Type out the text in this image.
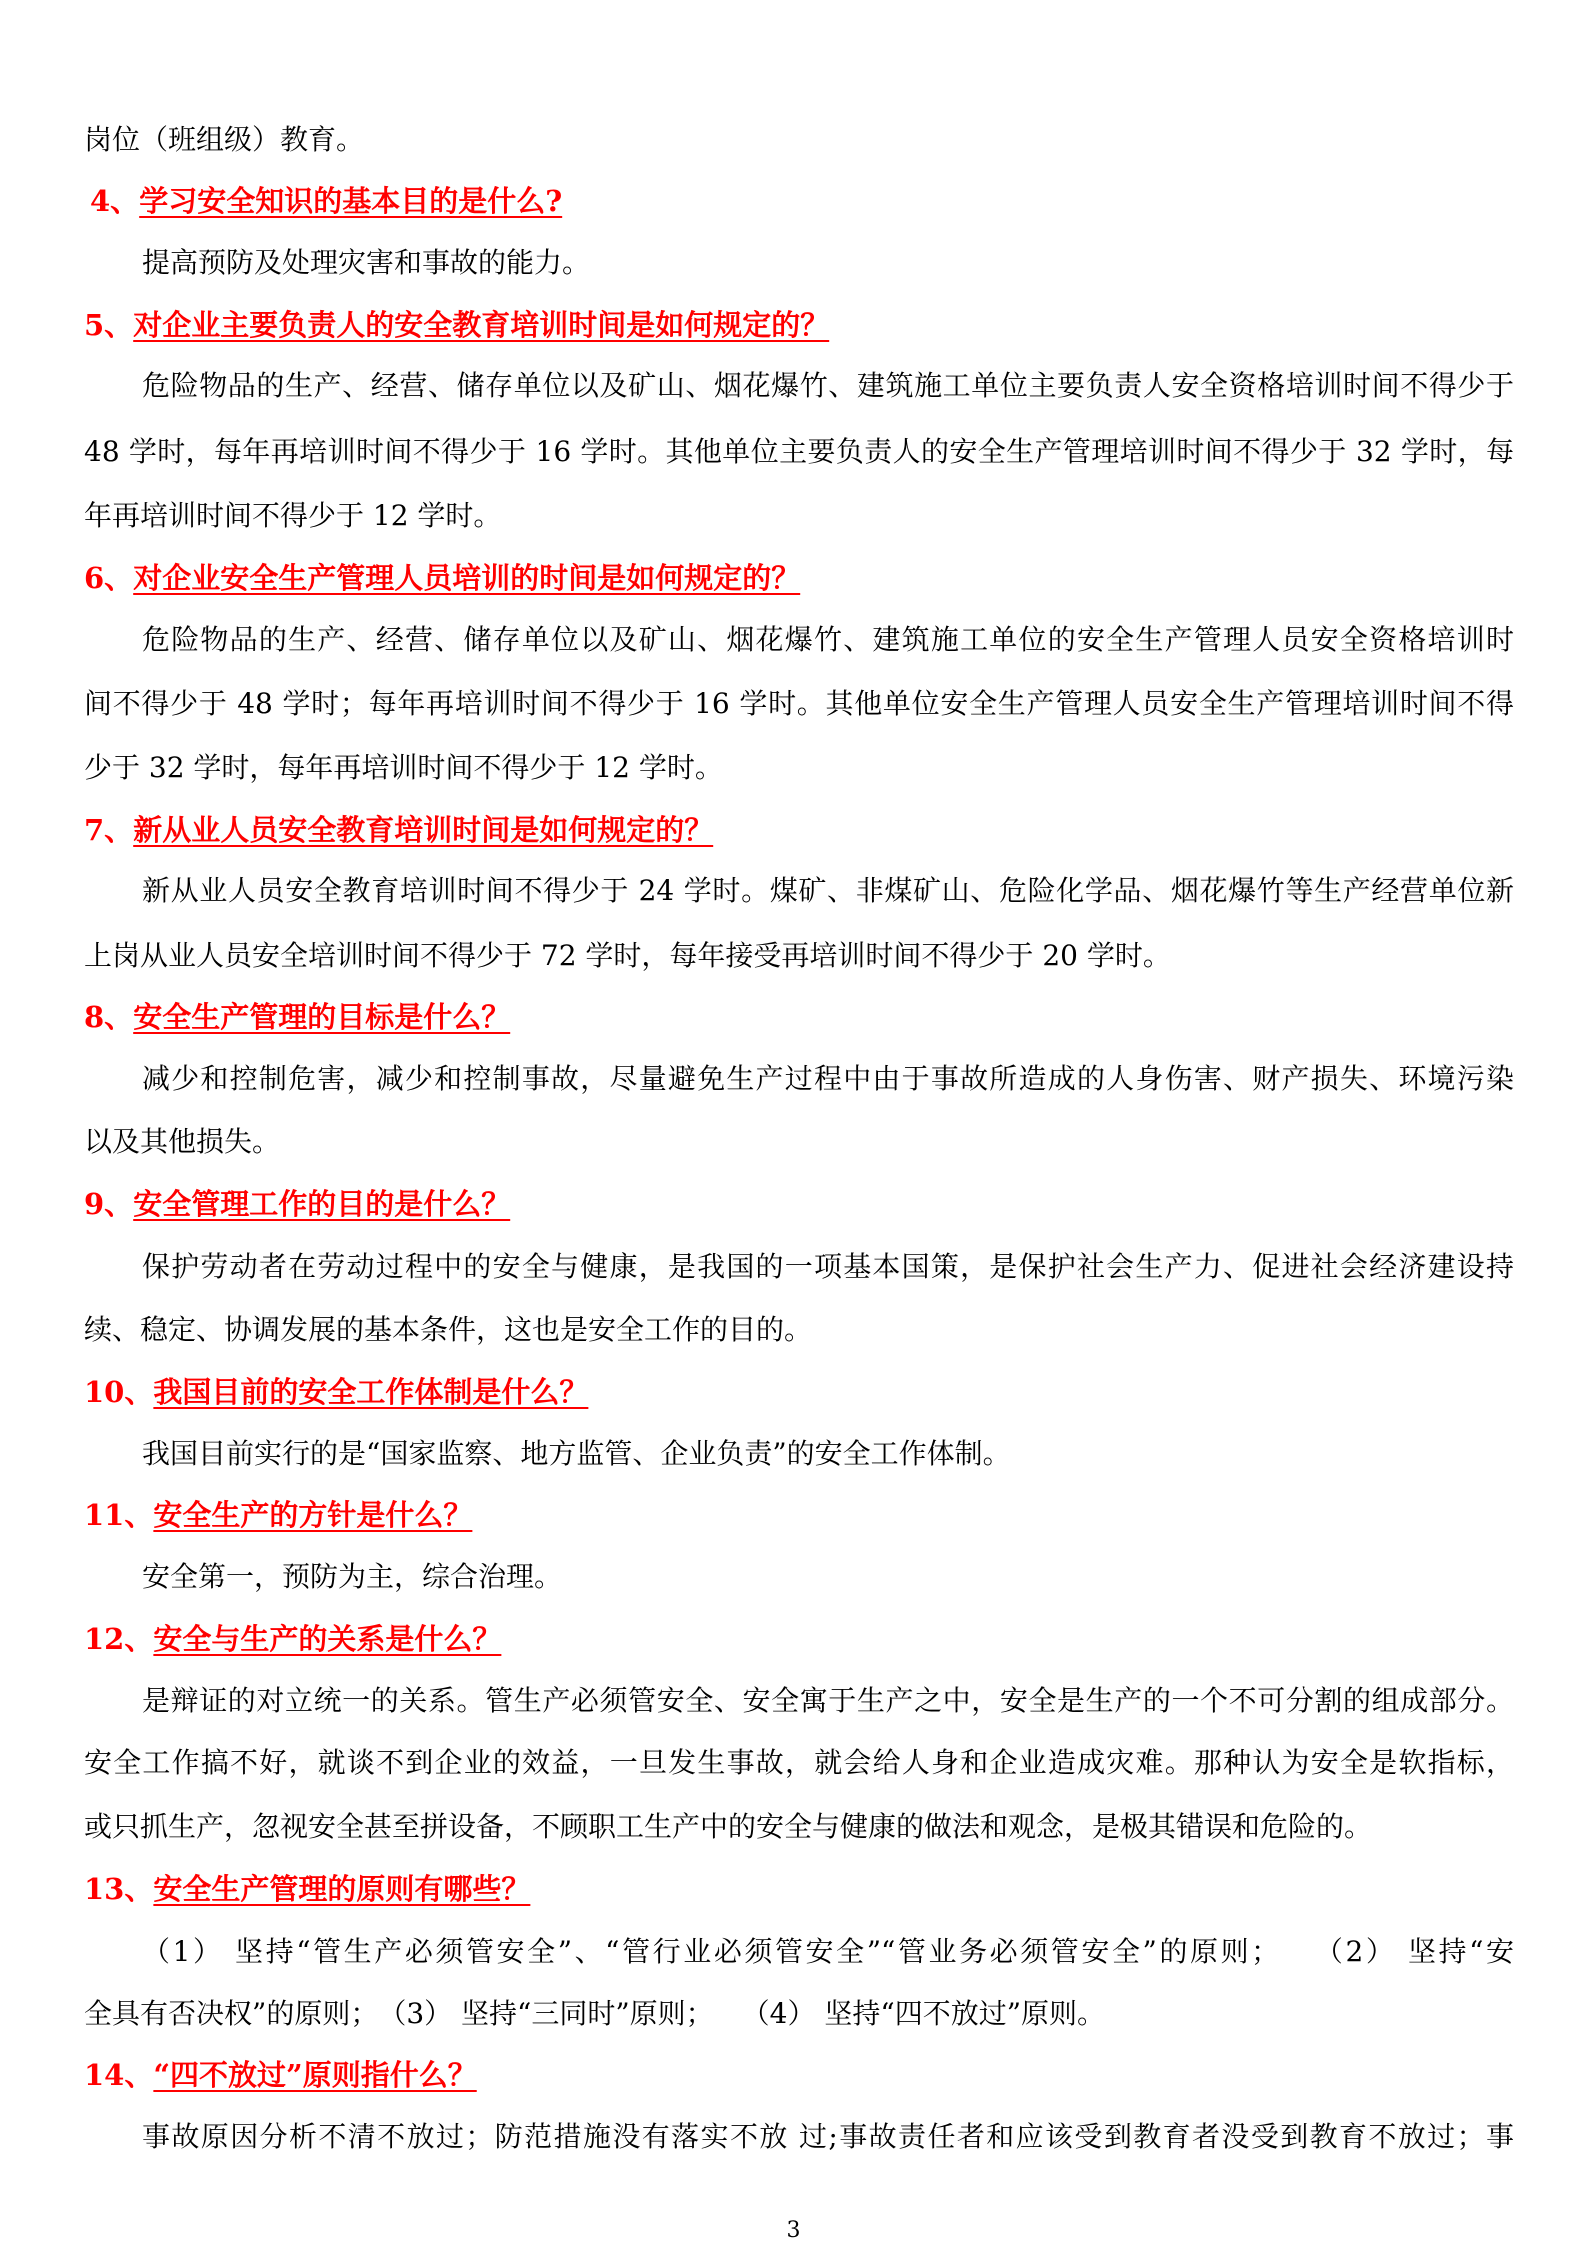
岗位（班组级）教育。
4、学习安全知识的基本目的是什么?
提高预防及处理灾害和事故的能力。
5、对企业主要负责人的安全教育培训时间是如何规定的？
危险物品的生产、经营、储存单位以及矿山、烟花爆竹、建筑施工单位主要负责人安全资格培训时间不得少于
48 学时，每年再培训时间不得少于 16 学时。其他单位主要负责人的安全生产管理培训时间不得少于 32 学时，每
年再培训时间不得少于 12 学时。
6、对企业安全生产管理人员培训的时间是如何规定的？
危险物品的生产、经营、储存单位以及矿山、烟花爆竹、建筑施工单位的安全生产管理人员安全资格培训时
间不得少于 48 学时；每年再培训时间不得少于 16 学时。其他单位安全生产管理人员安全生产管理培训时间不得
少于 32 学时，每年再培训时间不得少于 12 学时。
7、新从业人员安全教育培训时间是如何规定的？
新从业人员安全教育培训时间不得少于 24 学时。煤矿、非煤矿山、危险化学品、烟花爆竹等生产经营单位新
上岗从业人员安全培训时间不得少于 72 学时，每年接受再培训时间不得少于 20 学时。
8、安全生产管理的目标是什么？
减少和控制危害，减少和控制事故，尽量避免生产过程中由于事故所造成的人身伤害、财产损失、环境污染
以及其他损失。
9、安全管理工作的目的是什么？
保护劳动者在劳动过程中的安全与健康，是我国的一项基本国策，是保护社会生产力、促进社会经济建设持
续、稳定、协调发展的基本条件，这也是安全工作的目的。
10、我国目前的安全工作体制是什么？
我国目前实行的是“国家监察、地方监管、企业负责”的安全工作体制。
11、安全生产的方针是什么？
安全第一，预防为主，综合治理。
12、安全与生产的关系是什么？
是辩证的对立统一的关系。管生产必须管安全、安全寓于生产之中，安全是生产的一个不可分割的组成部分。
安全工作搞不好，就谈不到企业的效益，一旦发生事故，就会给人身和企业造成灾难。那种认为安全是软指标，
或只抓生产，忽视安全甚至拼设备，不顾职工生产中的安全与健康的做法和观念，是极其错误和危险的。
13、安全生产管理的原则有哪些？
（1） 坚持“管生产必须管安全”、“管行业必须管安全”“管业务必须管安全”的原则；　　（2） 坚持“安
全具有否决权”的原则；　（3） 坚持“三同时”原则；　　（4） 坚持“四不放过”原则。
14、“四不放过”原则指什么？
事故原因分析不清不放过；防范措施没有落实不放 过;事故责任者和应该受到教育者没受到教育不放过；事
3
